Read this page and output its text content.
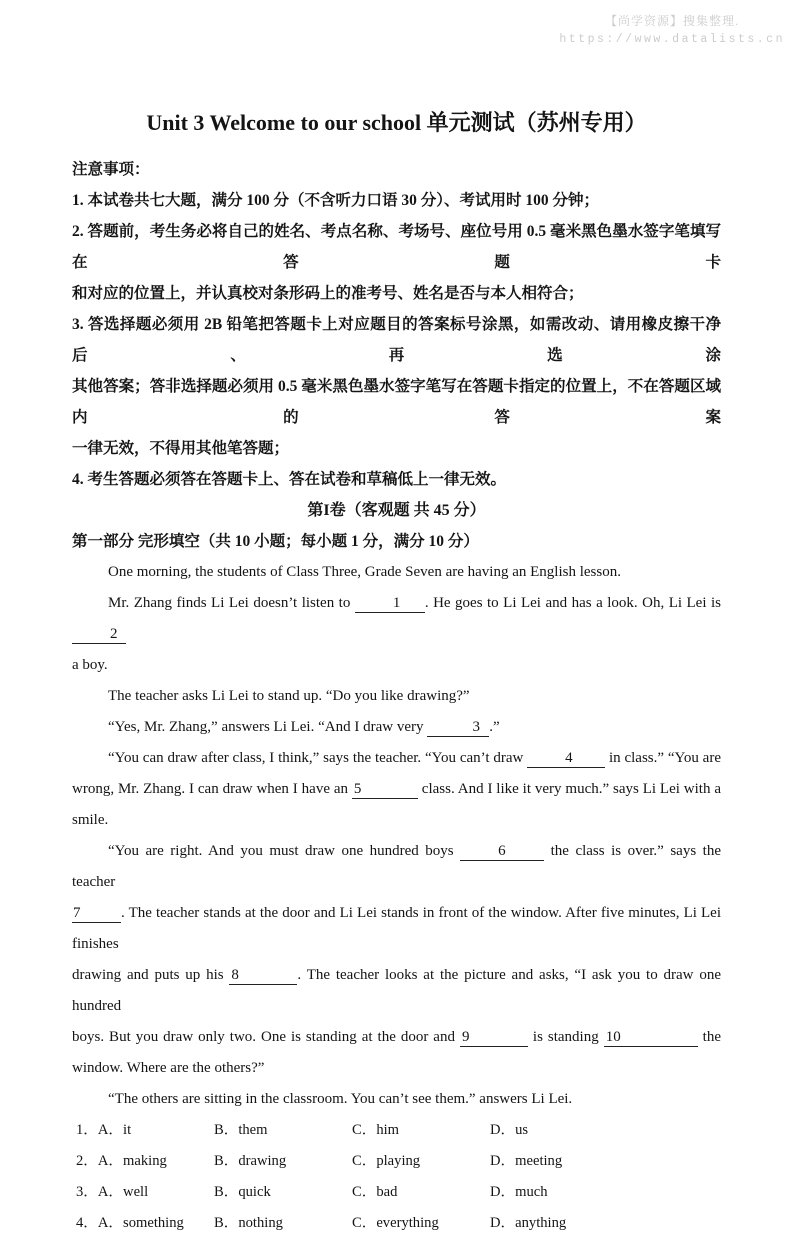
【尚学资源】搜集整理.
https://www.datalists.cn
Unit 3 Welcome to our school 单元测试（苏州专用）
注意事项：
1. 本试卷共七大题，满分 100 分（不含听力口语 30 分）、考试用时 100 分钟；
2. 答题前，考生务必将自己的姓名、考点名称、考场号、座位号用 0.5 毫米黑色墨水签字笔填写在答题卡
和对应的位置上，并认真校对条形码上的准考号、姓名是否与本人相符合；
3. 答选择题必须用 2B 铅笔把答题卡上对应题目的答案标号涂黑，如需改动、请用橡皮擦干净后、再选涂
其他答案；答非选择题必须用 0.5 毫米黑色墨水签字笔写在答题卡指定的位置上，不在答题区域内的答案
一律无效，不得用其他笔答题；
4. 考生答题必须答在答题卡上、答在试卷和草稿低上一律无效。
第I卷（客观题 共 45 分）
第一部分 完形填空（共 10 小题；每小题 1 分，满分 10 分）
One morning, the students of Class Three, Grade Seven are having an English lesson.
Mr. Zhang finds Li Lei doesn’t listen to	1 . He goes to Li Lei and has a look. Oh, Li Lei is 2
a boy.
The teacher asks Li Lei to stand up. “Do you like drawing?”
“Yes, Mr. Zhang,” answers Li Lei. “And I draw very	3 .”
“You can draw after class, I think,” says the teacher. “You can’t draw	4 in class.” “You are
wrong, Mr. Zhang. I can draw when I have an 5	class. And I like it very much.” says Li Lei with a
smile.
“You are right. And you must draw one hundred boys	6	the class is over.” says the teacher
7	. The teacher stands at the door and Li Lei stands in front of the window. After five minutes, Li Lei finishes
drawing and puts up his 8	. The teacher looks at the picture and asks, “I ask you to draw one hundred
boys. But you draw only two. One is standing at the door and 9	is standing 10	the
window. Where are the others?”
“The others are sitting in the classroom. You can’t see them.” answers Li Lei.
1．A．it	B．them	C．him	D．us
2．A．making	B．drawing	C．playing	D．meeting
3．A．well	B．quick	C．bad	D．much
4．A．something	B．nothing	C．everything	D．anything
